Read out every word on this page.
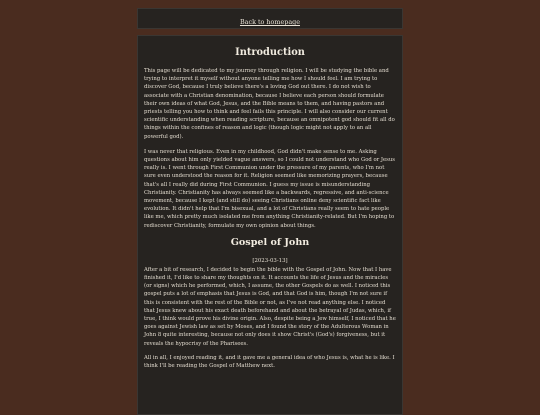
Back to homepage
Introduction

This page will be dedicated to my journey through religion. I will be studying the bible and trying to interpret it myself without anyone telling me how I should feel. I am trying to discover God, because I truly believe there's a loving God out there. I do not wish to associate with a Christian denomination, because I believe each person should formulate their own ideas of what God, Jesus, and the Bible means to them, and having pastors and priests telling you how to think and feel fails this principle. I will also consider our current scientific understanding when reading scripture, because an omnipotent god should fit all do things within the confines of reason and logic (though logic might not apply to an all powerful god).

I was never that religious. Even in my childhood, God didn't make sense to me. Asking questions about him only yielded vague answers, so I could not understand who God or Jesus really is. I went through First Communion under the pressure of my parents, who I'm not sure even understood the reason for it. Religion seemed like memorizing prayers, because that's all I really did during First Communion. I guess my issue is misunderstanding Christianity. Christianity has always seemed like a backwards, regressive, and anti-science movement, because I kept (and still do) seeing Christians online deny scientific fact like evolution. It didn't help that I'm bisexual, and a lot of Christians really seem to hate people like me, which pretty much isolated me from anything Christianity-related. But I'm hoping to rediscover Christianity, formulate my own opinion about things.

Gospel of John
[2023-03-13]

After a bit of research, I decided to begin the bible with the Gospel of John. Now that I have finished it, I'd like to share my thoughts on it. It accounts the life of Jesus and the miracles (or signs) which he performed, which, I assume, the other Gospels do as well. I noticed this gospel puts a lot of emphasis that Jesus is God, and that God is him, though I'm not sure if this is consistent with the rest of the Bible or not, as I've not read anything else. I noticed that Jesus knew about his exact death beforehand and about the betrayal of Judas, which, if true, I think would prove his divine origin. Also, despite being a Jew himself, I noticed that he goes against Jewish law as set by Moses, and I found the story of the Adulterous Woman in John 8 quite interesting, because not only does it show Christ's (God's) forgiveness, but it reveals the hypocrisy of the Pharisees.

All in all, I enjoyed reading it, and it gave me a general idea of who Jesus is, what he is like. I think I'll be reading the Gospel of Matthew next.
